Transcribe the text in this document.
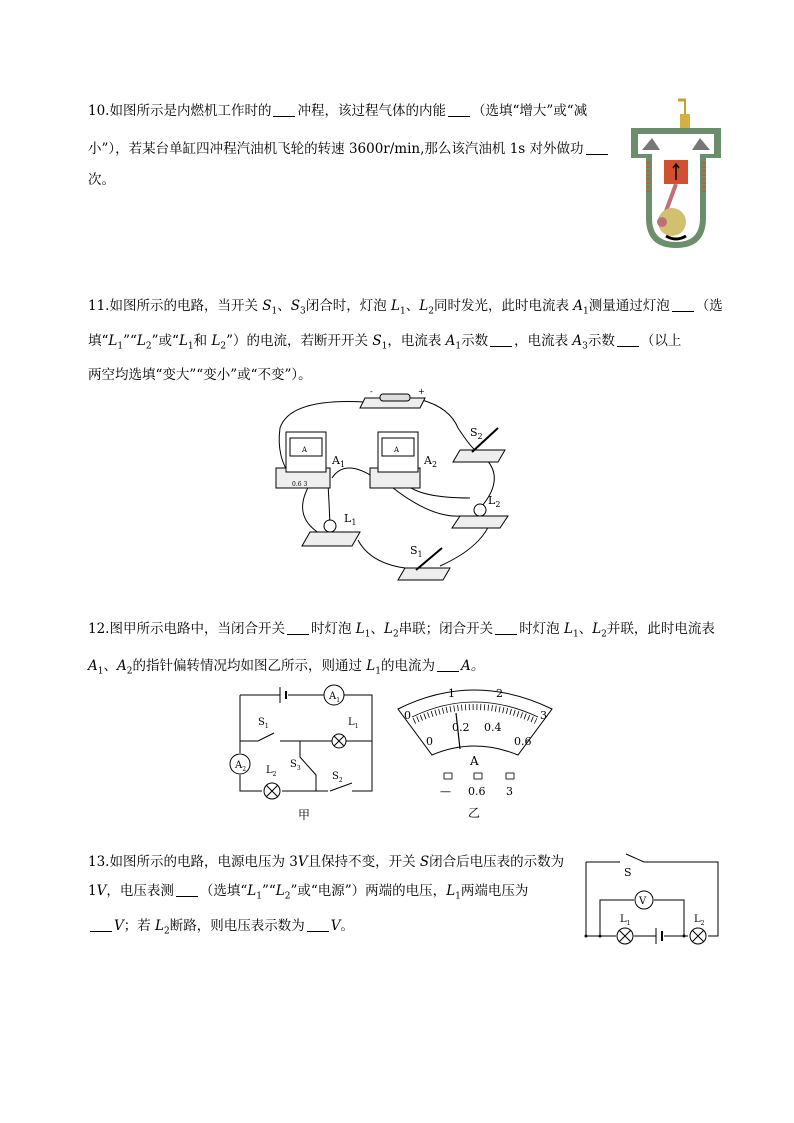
10.如图所示是内燃机工作时的 冲程，该过程气体的内能 （选填“增大”或“减

小”），若某台单缸四冲程汽油机飞轮的转速 3600r/min,那么该汽油机 1s 对外做功

次。

11.如图所示的电路，当开关 $S_1$、$S_3$闭合时，灯泡 $L_1$、$L_2$同时发光，此时电流表 $A_1$测量通过灯泡 （选

填“$L_1”“L_2$”或“$L_1$和 $L_2$”）的电流，若断开开关 $S_1$，电流表 $A_1$示数 ，电流表 $A_3$示数 （以上

两空均选填“变大”“变小”或“不变”）。

-	+
A
0.6 3
$A_1$
A
$A_2$
$S_2$
$L_2$
$L_1$
$S_1$

12.图甲所示电路中，当闭合开关 时灯泡 $L_1$、$L_2$串联；闭合开关 时灯泡 $L_1$、$L_2$并联，此时电流表

$A_1$、$A_2$的指针偏转情况均如图乙所示，则通过 $L_1$的电流为 A。

$A_1$
$L_1$
$A_2$ $L_2$
$S_1$
$S_3$
$S_2$
甲
0
1	2
3
0
0.2 0.4
0.6
A
— 0.6 3
乙

13.如图所示的电路，电源电压为 3V且保持不变，开关 S闭合后电压表的示数为

1V，电压表测 （选填“$L_1”“L_2$”或“电源”）两端的电压，$L_1$两端电压为

V；若 $L_2$断路，则电压表示数为 V。

S
V
$L_1$	$L_2$
